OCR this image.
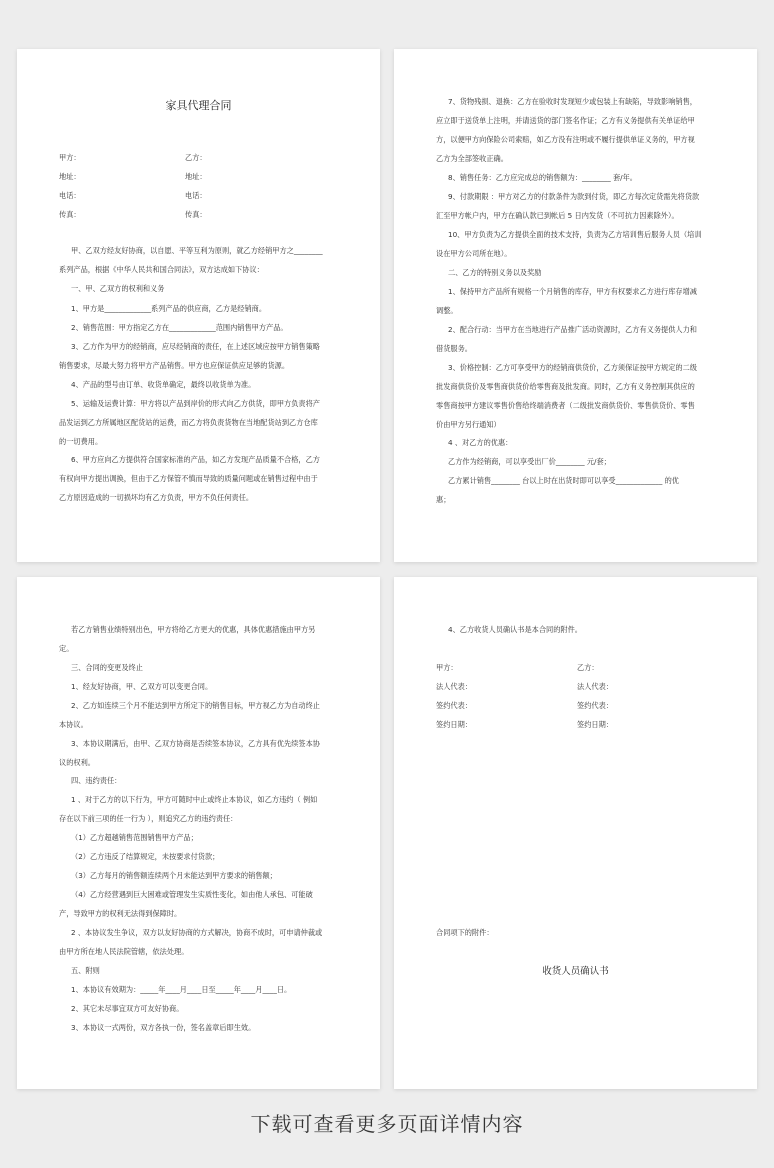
家具代理合同
甲方：	乙方：
地址：	地址：
电话：	电话：
传真：	传真：
甲、乙双方经友好协商，以自愿、平等互利为原则，就乙方经销甲方之________
系列产品，根据《中华人民共和国合同法》，双方达成如下协议：
一、甲、乙双方的权利和义务
1、甲方是_____________系列产品的供应商，乙方是经销商。
2、销售范围：甲方指定乙方在_____________范围内销售甲方产品。
3、乙方作为甲方的经销商，应尽经销商的责任，在上述区域应按甲方销售策略
销售要求，尽最大努力将甲方产品销售。甲方也应保证供应足够的货源。
4、产品的型号由订单、收货单确定，最终以收货单为准。
5、运输及运费计算：甲方将以产品到岸价的形式向乙方供货，即甲方负责将产
品发运到乙方所属地区配货站的运费，而乙方将负责货物在当地配货站到乙方仓库
的一切费用。
6、甲方应向乙方提供符合国家标准的产品，如乙方发现产品质量不合格，乙方
有权向甲方提出调换，但由于乙方保管不慎而导致的质量问题或在销售过程中由于
乙方原因造成的一切损坏均有乙方负责，甲方不负任何责任。
7、货物残损、退换：乙方在验收时发现短少或包装上有缺陷，导致影响销售，
应立即于送货单上注明，并请送货的部门签名作证；乙方有义务提供有关单证给甲
方，以便甲方向保险公司索赔，如乙方没有注明或不履行提供单证义务的，甲方视
乙方为全部签收正确。
8、销售任务：乙方应完成总的销售额为：________ 套/年。
9、付款期限 ：甲方对乙方的付款条件为款到付货，即乙方每次定货需先将货款
汇至甲方帐户内，甲方在确认款已到帐后 5 日内发货（不可抗力因素除外）。
10、甲方负责为乙方提供全面的技术支持，负责为乙方培训售后服务人员（培训
设在甲方公司所在地）。
二、乙方的特别义务以及奖励
1、保持甲方产品所有规格一个月销售的库存，甲方有权要求乙方进行库存增减
调整。
2、配合行动：当甲方在当地进行产品推广活动资源时，乙方有义务提供人力和
借货服务。
3、价格控制：乙方可享受甲方的经销商供货价，乙方须保证按甲方规定的二级
批发商供货价及零售商供货价给零售商及批发商。同时，乙方有义务控制其供应的
零售商按甲方建议零售价售给终端消费者（二级批发商供货价、零售供货价、零售
价由甲方另行通知）
4 、对乙方的优惠：
乙方作为经销商，可以享受出厂价________ 元/套；
乙方累计销售________ 台以上时在出货时即可以享受_____________ 的优
惠；
若乙方销售业绩特别出色，甲方将给乙方更大的优惠，具体优惠措施由甲方另
定。
三、合同的变更及终止
1、经友好协商，甲、乙双方可以变更合同。
2、乙方如连续三个月不能达到甲方所定下的销售目标，甲方视乙方为自动终止
本协议。
3、本协议期满后，由甲、乙双方协商是否续签本协议，乙方具有优先续签本协
议的权利。
四、违约责任：
1 、对于乙方的以下行为，甲方可随时中止或终止本协议，如乙方违约（ 例如
存在以下前三项的任一行为 ），则追究乙方的违约责任：
（1）乙方超越销售范围销售甲方产品；
（2）乙方违反了结算规定，未按要求付货款；
（3）乙方每月的销售额连续两个月未能达到甲方要求的销售额；
（4）乙方经营遇到巨大困难或管理发生实质性变化，如由他人承包、可能破
产，导致甲方的权利无法得到保障时。
2 、本协议发生争议，双方以友好协商的方式解决，协商不成时，可申请仲裁或
由甲方所在地人民法院管辖，依法处理。
五、附则
1、本协议有效期为：_____年____月____日至_____年____月____日。
2、其它未尽事宜双方可友好协商。
3、本协议一式两份，双方各执一份，签名盖章后即生效。
4、乙方收货人员确认书是本合同的附件。
甲方：	乙方：
法人代表：	法人代表：
签约代表：	签约代表：
签约日期：	签约日期：
合同项下的附件：
收货人员确认书
下载可查看更多页面详情内容
